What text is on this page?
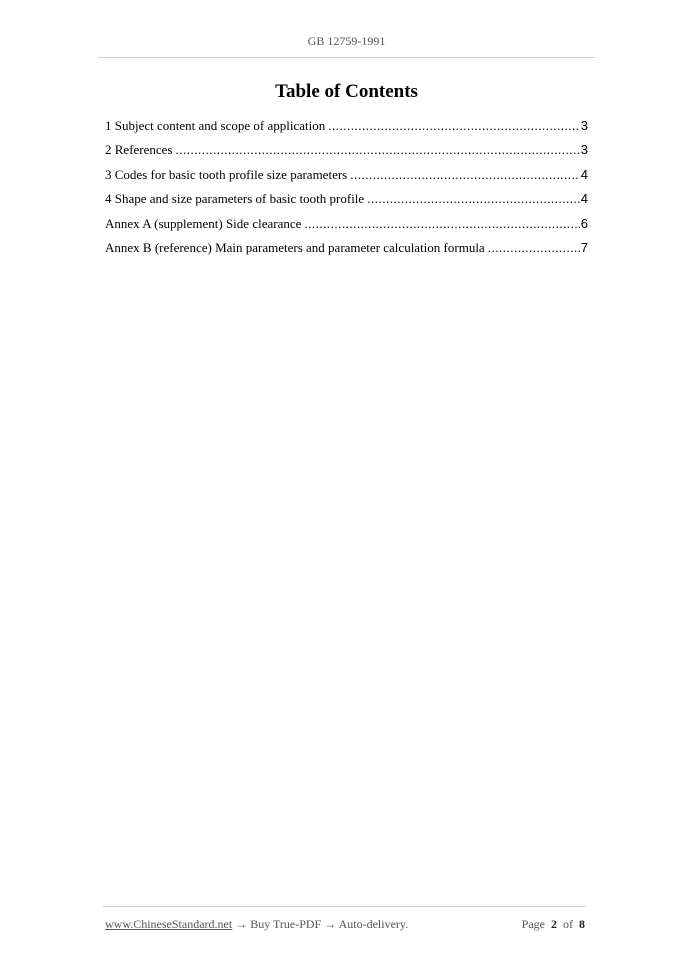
GB 12759-1991
Table of Contents
1 Subject content and scope of application .....	3
2 References .....	3
3 Codes for basic tooth profile size parameters .....	4
4 Shape and size parameters of basic tooth profile .....	4
Annex A (supplement) Side clearance .....	6
Annex B (reference) Main parameters and parameter calculation formula .....	7
www.ChineseStandard.net → Buy True-PDF → Auto-delivery.	Page 2 of 8
